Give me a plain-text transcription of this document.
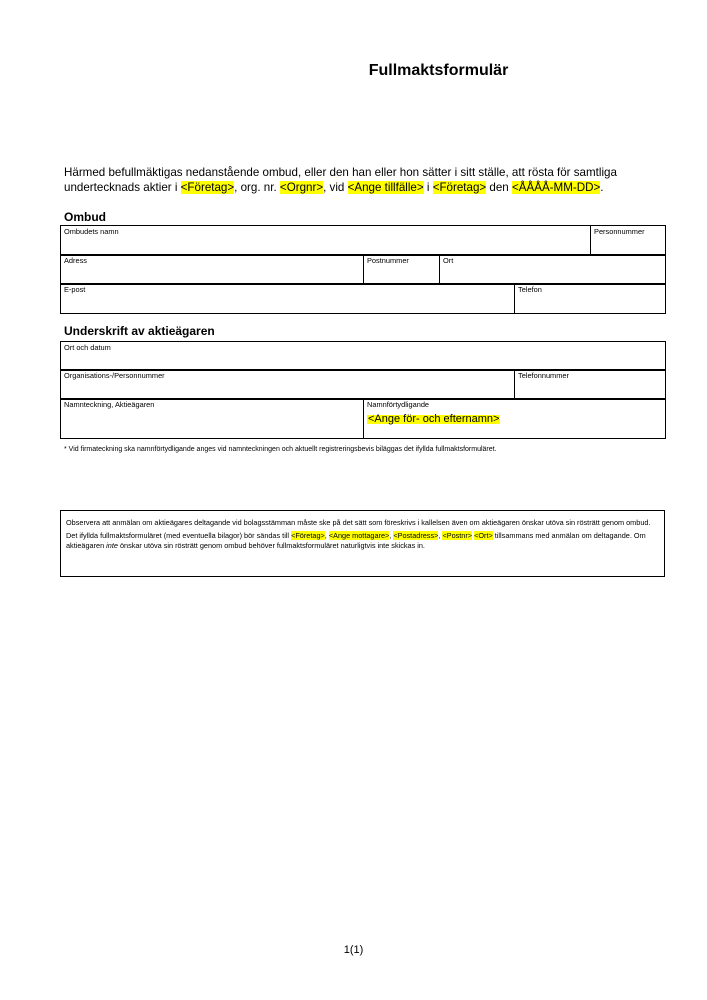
Fullmaktsformulär
Härmed befullmäktigas nedanstående ombud, eller den han eller hon sätter i sitt ställe, att rösta för samtliga undertecknads aktier i <Företag>, org. nr. <Orgnr>, vid <Ange tillfälle> i <Företag> den <ÅÅÅÅ-MM-DD>.
Ombud
Ombudets namn	Personnummer
Adress	Postnummer	Ort
E-post	Telefon
Underskrift av aktieägaren
Ort och datum
Organisations-/Personnummer	Telefonnummer
Namnteckning, Aktieägaren	Namnförtydligande
<Ange för- och efternamn>
* Vid firmateckning ska namnförtydligande anges vid namnteckningen och aktuellt registreringsbevis biläggas det ifyllda fullmaktsformuläret.

Observera att anmälan om aktieägares deltagande vid bolagsstämman måste ske på det sätt som föreskrivs i kallelsen även om aktieägaren önskar utöva sin rösträtt genom ombud.

Det ifyllda fullmaktsformuläret (med eventuella bilagor) bör sändas till <Företag>, <Ange mottagare>, <Postadress>, <Postnr> <Ort> tillsammans med anmälan om deltagande. Om aktieägaren inte önskar utöva sin rösträtt genom ombud behöver fullmaktsformuläret naturligtvis inte skickas in.

1(1)
